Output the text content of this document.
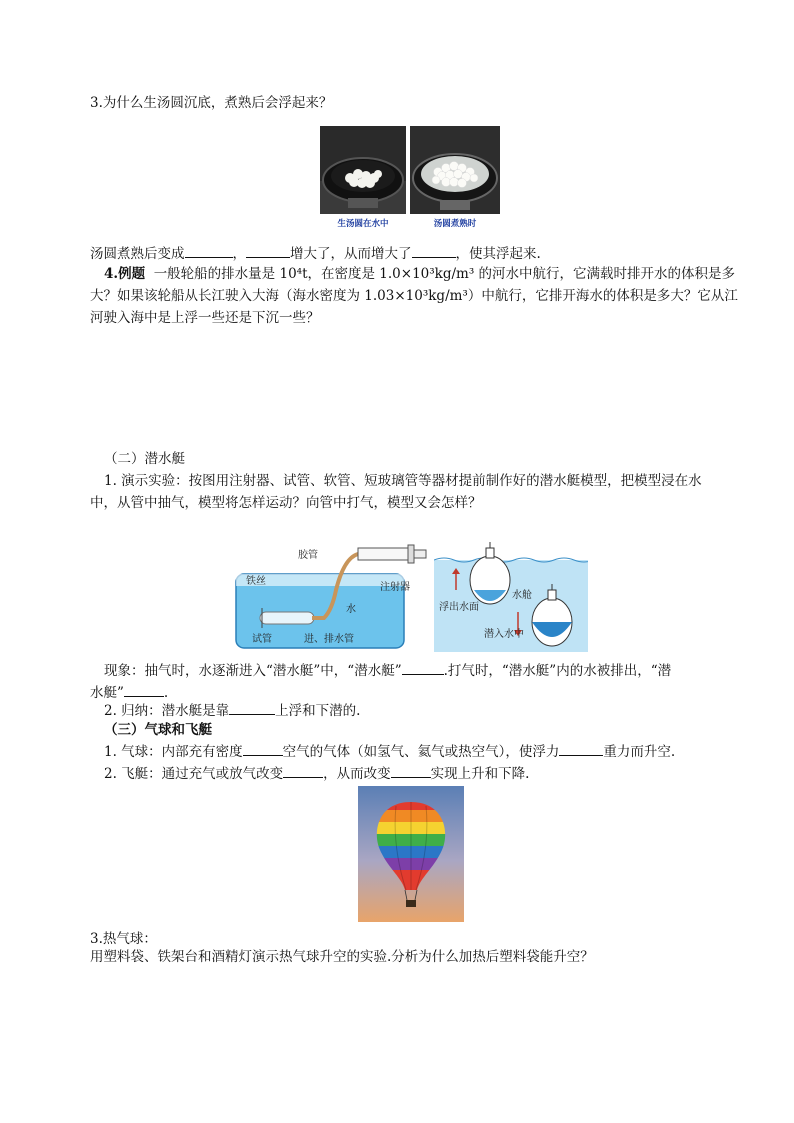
3.为什么生汤圆沉底，煮熟后会浮起来？
生汤圆在水中	汤圆煮熟时
汤圆煮熟后变成	，	增大了，从而增大了	，使其浮起来.
4.例题 一般轮船的排水量是 10⁴t，在密度是 1.0×10³kg/m³ 的河水中航行，它满载时排开水的体积是多
大？如果该轮船从长江驶入大海（海水密度为 1.03×10³kg/m³）中航行，它排开海水的体积是多大？它从江
河驶入海中是上浮一些还是下沉一些？
（二）潜水艇
1. 演示实验：按图用注射器、试管、软管、短玻璃管等器材提前制作好的潜水艇模型，把模型浸在水
中，从管中抽气，模型将怎样运动？向管中打气，模型又会怎样？
铁丝
胶管
注射器
水
试管	进、排水管
水舱
浮出水面
潜入水中
现象：抽气时，水逐渐进入“潜水艇”中，“潜水艇”	.打气时，“潜水艇”内的水被排出，“潜
水艇”	.
2. 归纳：潜水艇是靠	上浮和下潜的.
（三）气球和飞艇
1. 气球：内部充有密度	空气的气体（如氢气、氦气或热空气），使浮力	重力而升空.
2. 飞艇：通过充气或放气改变	，从而改变	实现上升和下降.
3.热气球：
用塑料袋、铁架台和酒精灯演示热气球升空的实验.分析为什么加热后塑料袋能升空？
